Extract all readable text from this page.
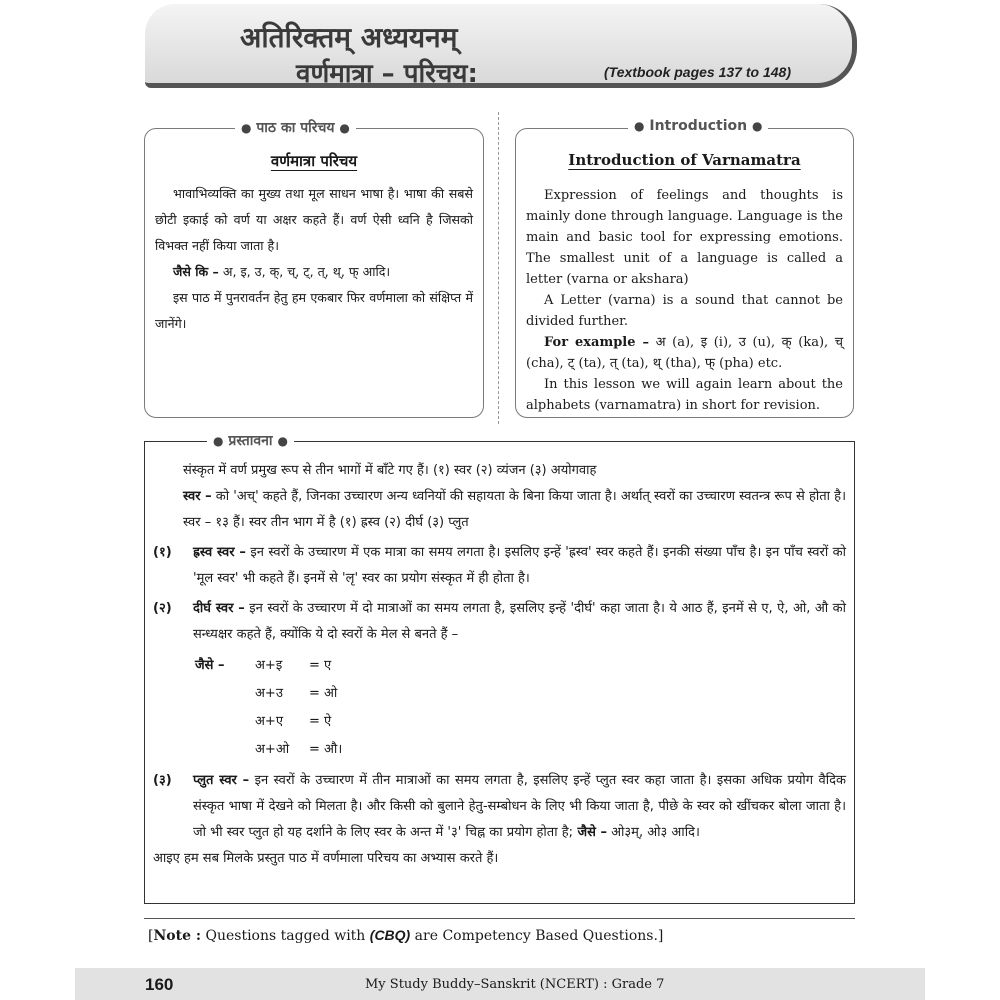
अतिरिक्तम् अध्ययनम्
वर्णमात्रा – परिचय:	(Textbook pages 137 to 148)
● पाठ का परिचय ●
वर्णमात्रा परिचय

भावाभिव्यक्ति का मुख्य तथा मूल साधन भाषा है। भाषा की सबसे छोटी इकाई को वर्ण या अक्षर कहते हैं। वर्ण ऐसी ध्वनि है जिसको विभक्त नहीं किया जाता है।

जैसे कि – अ, इ, उ, क्, च्, ट्, त्, थ्, फ् आदि।

इस पाठ में पुनरावर्तन हेतु हम एकबार फिर वर्णमाला को संक्षिप्त में जानेंगे।

● Introduction ●
Introduction of Varnamatra

Expression of feelings and thoughts is mainly done through language. Language is the main and basic tool for expressing emotions. The smallest unit of a language is called a letter (varna or akshara)

A Letter (varna) is a sound that cannot be divided further.

For example – अ (a), इ (i), उ (u), क् (ka), च् (cha), ट् (ta), त् (ta), थ् (tha), फ् (pha) etc.

In this lesson we will again learn about the alphabets (varnamatra) in short for revision.

● प्रस्तावना ●

संस्कृत में वर्ण प्रमुख रूप से तीन भागों में बाँटे गए हैं। (१) स्वर (२) व्यंजन (३) अयोगवाह

स्वर – को 'अच्' कहते हैं, जिनका उच्चारण अन्य ध्वनियों की सहायता के बिना किया जाता है। अर्थात् स्वरों का उच्चारण स्वतन्त्र रूप से होता है। स्वर – १३ हैं। स्वर तीन भाग में है (१) ह्रस्व (२) दीर्घ (३) प्लुत

(१) ह्रस्व स्वर – इन स्वरों के उच्चारण में एक मात्रा का समय लगता है। इसलिए इन्हें 'ह्रस्व' स्वर कहते हैं। इनकी संख्या पाँच है। इन पाँच स्वरों को 'मूल स्वर' भी कहते हैं। इनमें से 'लृ' स्वर का प्रयोग संस्कृत में ही होता है।
(२) दीर्घ स्वर – इन स्वरों के उच्चारण में दो मात्राओं का समय लगता है, इसलिए इन्हें 'दीर्घ' कहा जाता है। ये आठ हैं, इनमें से ए, ऐ, ओ, औ को सन्ध्यक्षर कहते हैं, क्योंकि ये दो स्वरों के मेल से बनते हैं –
जैसे –	अ+इ	= ए
अ+उ	= ओ
अ+ए	= ऐ
अ+ओ	= औ।
(३) प्लुत स्वर – इन स्वरों के उच्चारण में तीन मात्राओं का समय लगता है, इसलिए इन्हें प्लुत स्वर कहा जाता है। इसका अधिक प्रयोग वैदिक संस्कृत भाषा में देखने को मिलता है। और किसी को बुलाने हेतु-सम्बोधन के लिए भी किया जाता है, पीछे के स्वर को खींचकर बोला जाता है। जो भी स्वर प्लुत हो यह दर्शाने के लिए स्वर के अन्त में '३' चिह्न का प्रयोग होता है; जैसे – ओ३म्, ओ३ आदि।

आइए हम सब मिलके प्रस्तुत पाठ में वर्णमाला परिचय का अभ्यास करते हैं।

[Note : Questions tagged with (CBQ) are Competency Based Questions.]
160	My Study Buddy–Sanskrit (NCERT) : Grade 7
